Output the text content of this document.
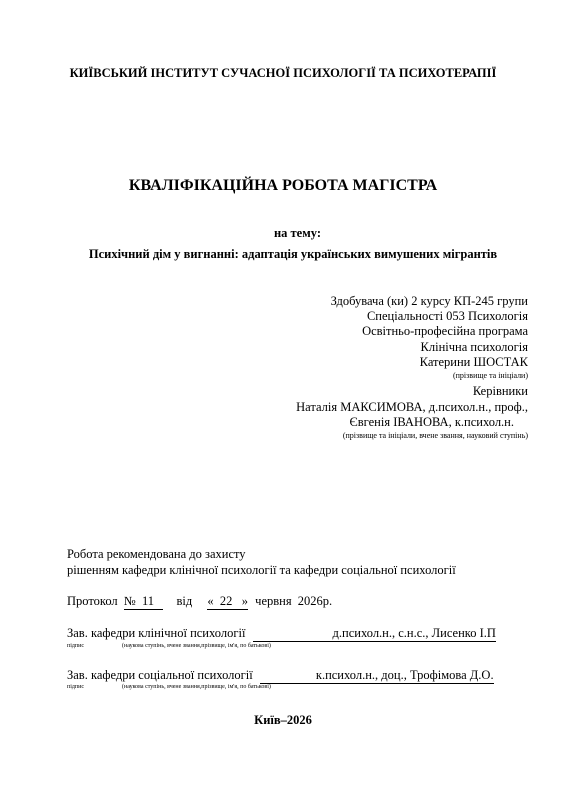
КИЇВСЬКИЙ ІНСТИТУТ СУЧАСНОЇ ПСИХОЛОГІЇ ТА ПСИХОТЕРАПІЇ
КВАЛІФІКАЦІЙНА РОБОТА МАГІСТРА
на тему:
Психічний дім у вигнанні: адаптація українських вимушених мігрантів
Здобувача (ки) 2 курсу КП-245 групи
Спеціальності 053 Психологія
Освітньо-професійна програма
Клінічна психологія
Катерини ШОСТАК
(прізвище та ініціали)
Керівники
Наталія МАКСИМОВА, д.психол.н., проф.,
Євгенія ІВАНОВА, к.психол.н.
(прізвище та ініціали, вчене звання, науковий ступінь)
Робота рекомендована до захисту
рішенням кафедри клінічної психології та кафедри соціальної психології
Протокол № 11 від « 22 » червня 2026р.
Зав. кафедри клінічної психології	д.психол.н., с.н.с., Лисенко І.П
підпис	(наукова ступінь, вчене звання,прізвище, ім'я, по батькові)
Зав. кафедри соціальної психології	к.психол.н., доц., Трофімова Д.О.
підпис	(наукова ступінь, вчене звання,прізвище, ім'я, по батькові)
Київ–2026
